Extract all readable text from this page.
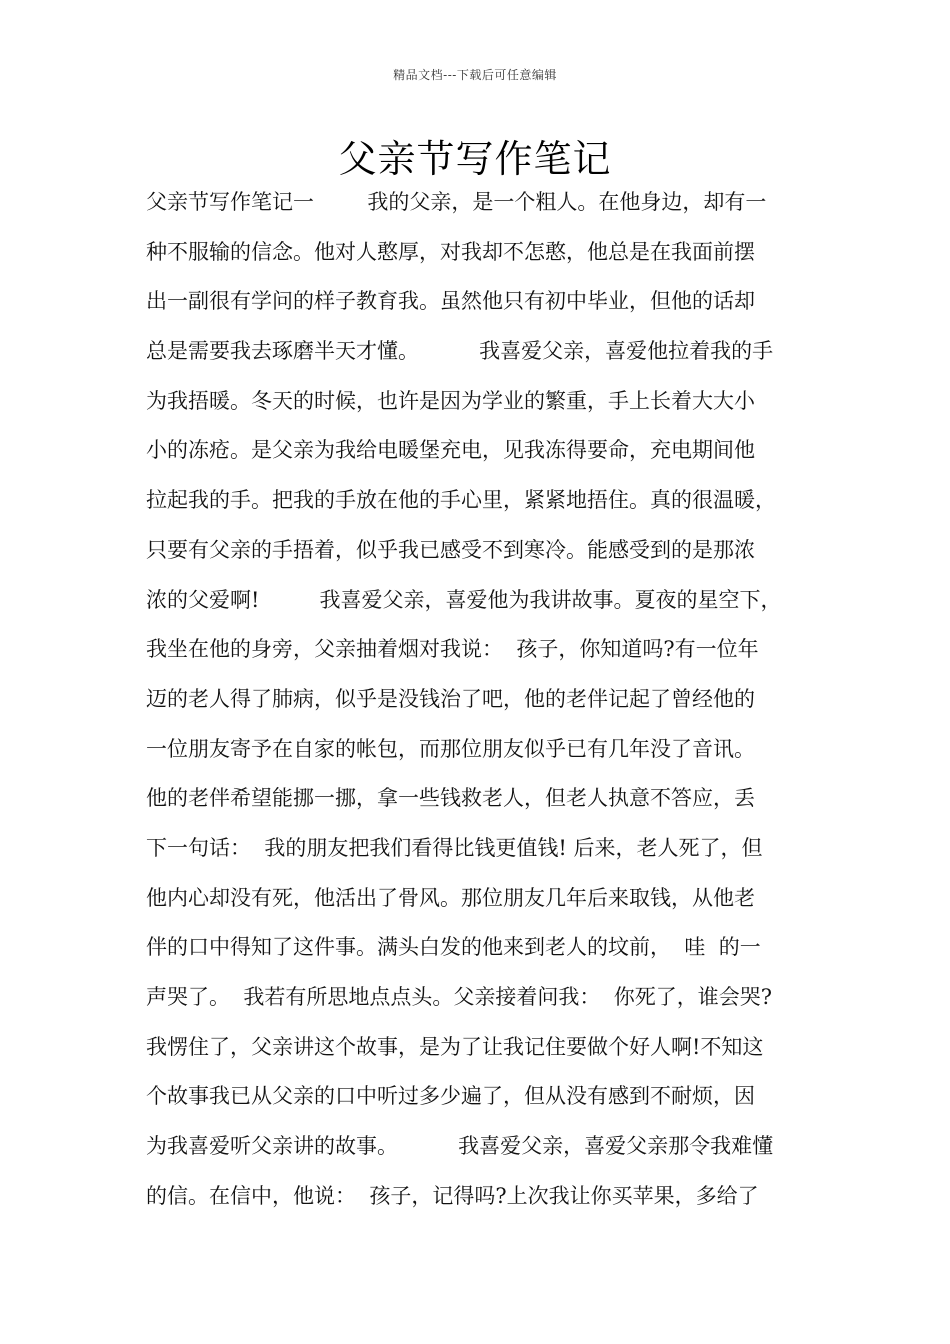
精品文档---下载后可任意编辑
父亲节写作笔记
父亲节写作笔记一        我的父亲，是一个粗人。在他身边，却有一
种不服输的信念。他对人憨厚，对我却不怎憨，他总是在我面前摆
出一副很有学问的样子教育我。虽然他只有初中毕业，但他的话却
总是需要我去琢磨半天才懂。         我喜爱父亲，喜爱他拉着我的手
为我捂暖。冬天的时候，也许是因为学业的繁重，手上长着大大小
小的冻疮。是父亲为我给电暖堡充电，见我冻得要命，充电期间他
拉起我的手。把我的手放在他的手心里，紧紧地捂住。真的很温暖，
只要有父亲的手捂着，似乎我已感受不到寒冷。能感受到的是那浓
浓的父爱啊!         我喜爱父亲，喜爱他为我讲故事。夏夜的星空下，
我坐在他的身旁，父亲抽着烟对我说：  孩子，你知道吗?有一位年
迈的老人得了肺病，似乎是没钱治了吧，他的老伴记起了曾经他的
一位朋友寄予在自家的帐包，而那位朋友似乎已有几年没了音讯。
他的老伴希望能挪一挪，拿一些钱救老人，但老人执意不答应，丢
下一句话：  我的朋友把我们看得比钱更值钱! 后来，老人死了，但
他内心却没有死，他活出了骨风。那位朋友几年后来取钱，从他老
伴的口中得知了这件事。满头白发的他来到老人的坟前，  哇  的一
声哭了。  我若有所思地点点头。父亲接着问我：  你死了，谁会哭?
我愣住了，父亲讲这个故事，是为了让我记住要做个好人啊!不知这
个故事我已从父亲的口中听过多少遍了，但从没有感到不耐烦，因
为我喜爱听父亲讲的故事。         我喜爱父亲，喜爱父亲那令我难懂
的信。在信中，他说：  孩子，记得吗?上次我让你买苹果，多给了
